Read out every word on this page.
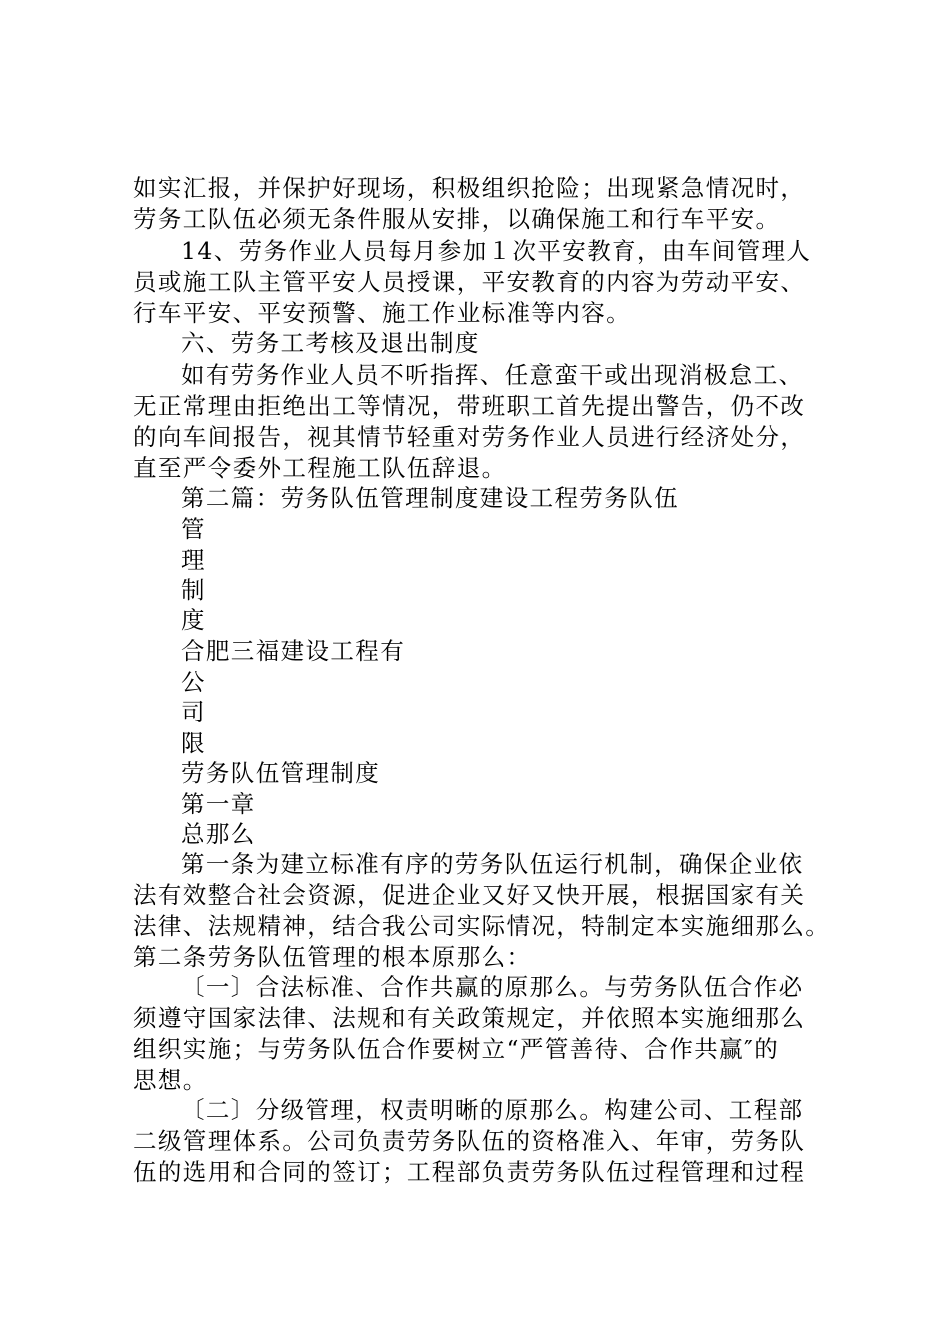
如实汇报，并保护好现场，积极组织抢险；出现紧急情况时，
劳务工队伍必须无条件服从安排，以确保施工和行车平安。
14、劳务作业人员每月参加１次平安教育，由车间管理人
员或施工队主管平安人员授课，平安教育的内容为劳动平安、
行车平安、平安预警、施工作业标准等内容。
六、劳务工考核及退出制度
如有劳务作业人员不听指挥、任意蛮干或出现消极怠工、
无正常理由拒绝出工等情况，带班职工首先提出警告，仍不改
的向车间报告，视其情节轻重对劳务作业人员进行经济处分，
直至严令委外工程施工队伍辞退。
第二篇：劳务队伍管理制度建设工程劳务队伍
管
理
制
度
合肥三福建设工程有
公
司
限
劳务队伍管理制度
第一章
总那么
第一条为建立标准有序的劳务队伍运行机制，确保企业依
法有效整合社会资源，促进企业又好又快开展，根据国家有关
法律、法规精神，结合我公司实际情况，特制定本实施细那么。
第二条劳务队伍管理的根本原那么：
〔一〕合法标准、合作共赢的原那么。与劳务队伍合作必
须遵守国家法律、法规和有关政策规定，并依照本实施细那么
组织实施；与劳务队伍合作要树立“严管善待、合作共赢″的
思想。
〔二〕分级管理，权责明晰的原那么。构建公司、工程部
二级管理体系。公司负责劳务队伍的资格准入、年审，劳务队
伍的选用和合同的签订；工程部负责劳务队伍过程管理和过程
